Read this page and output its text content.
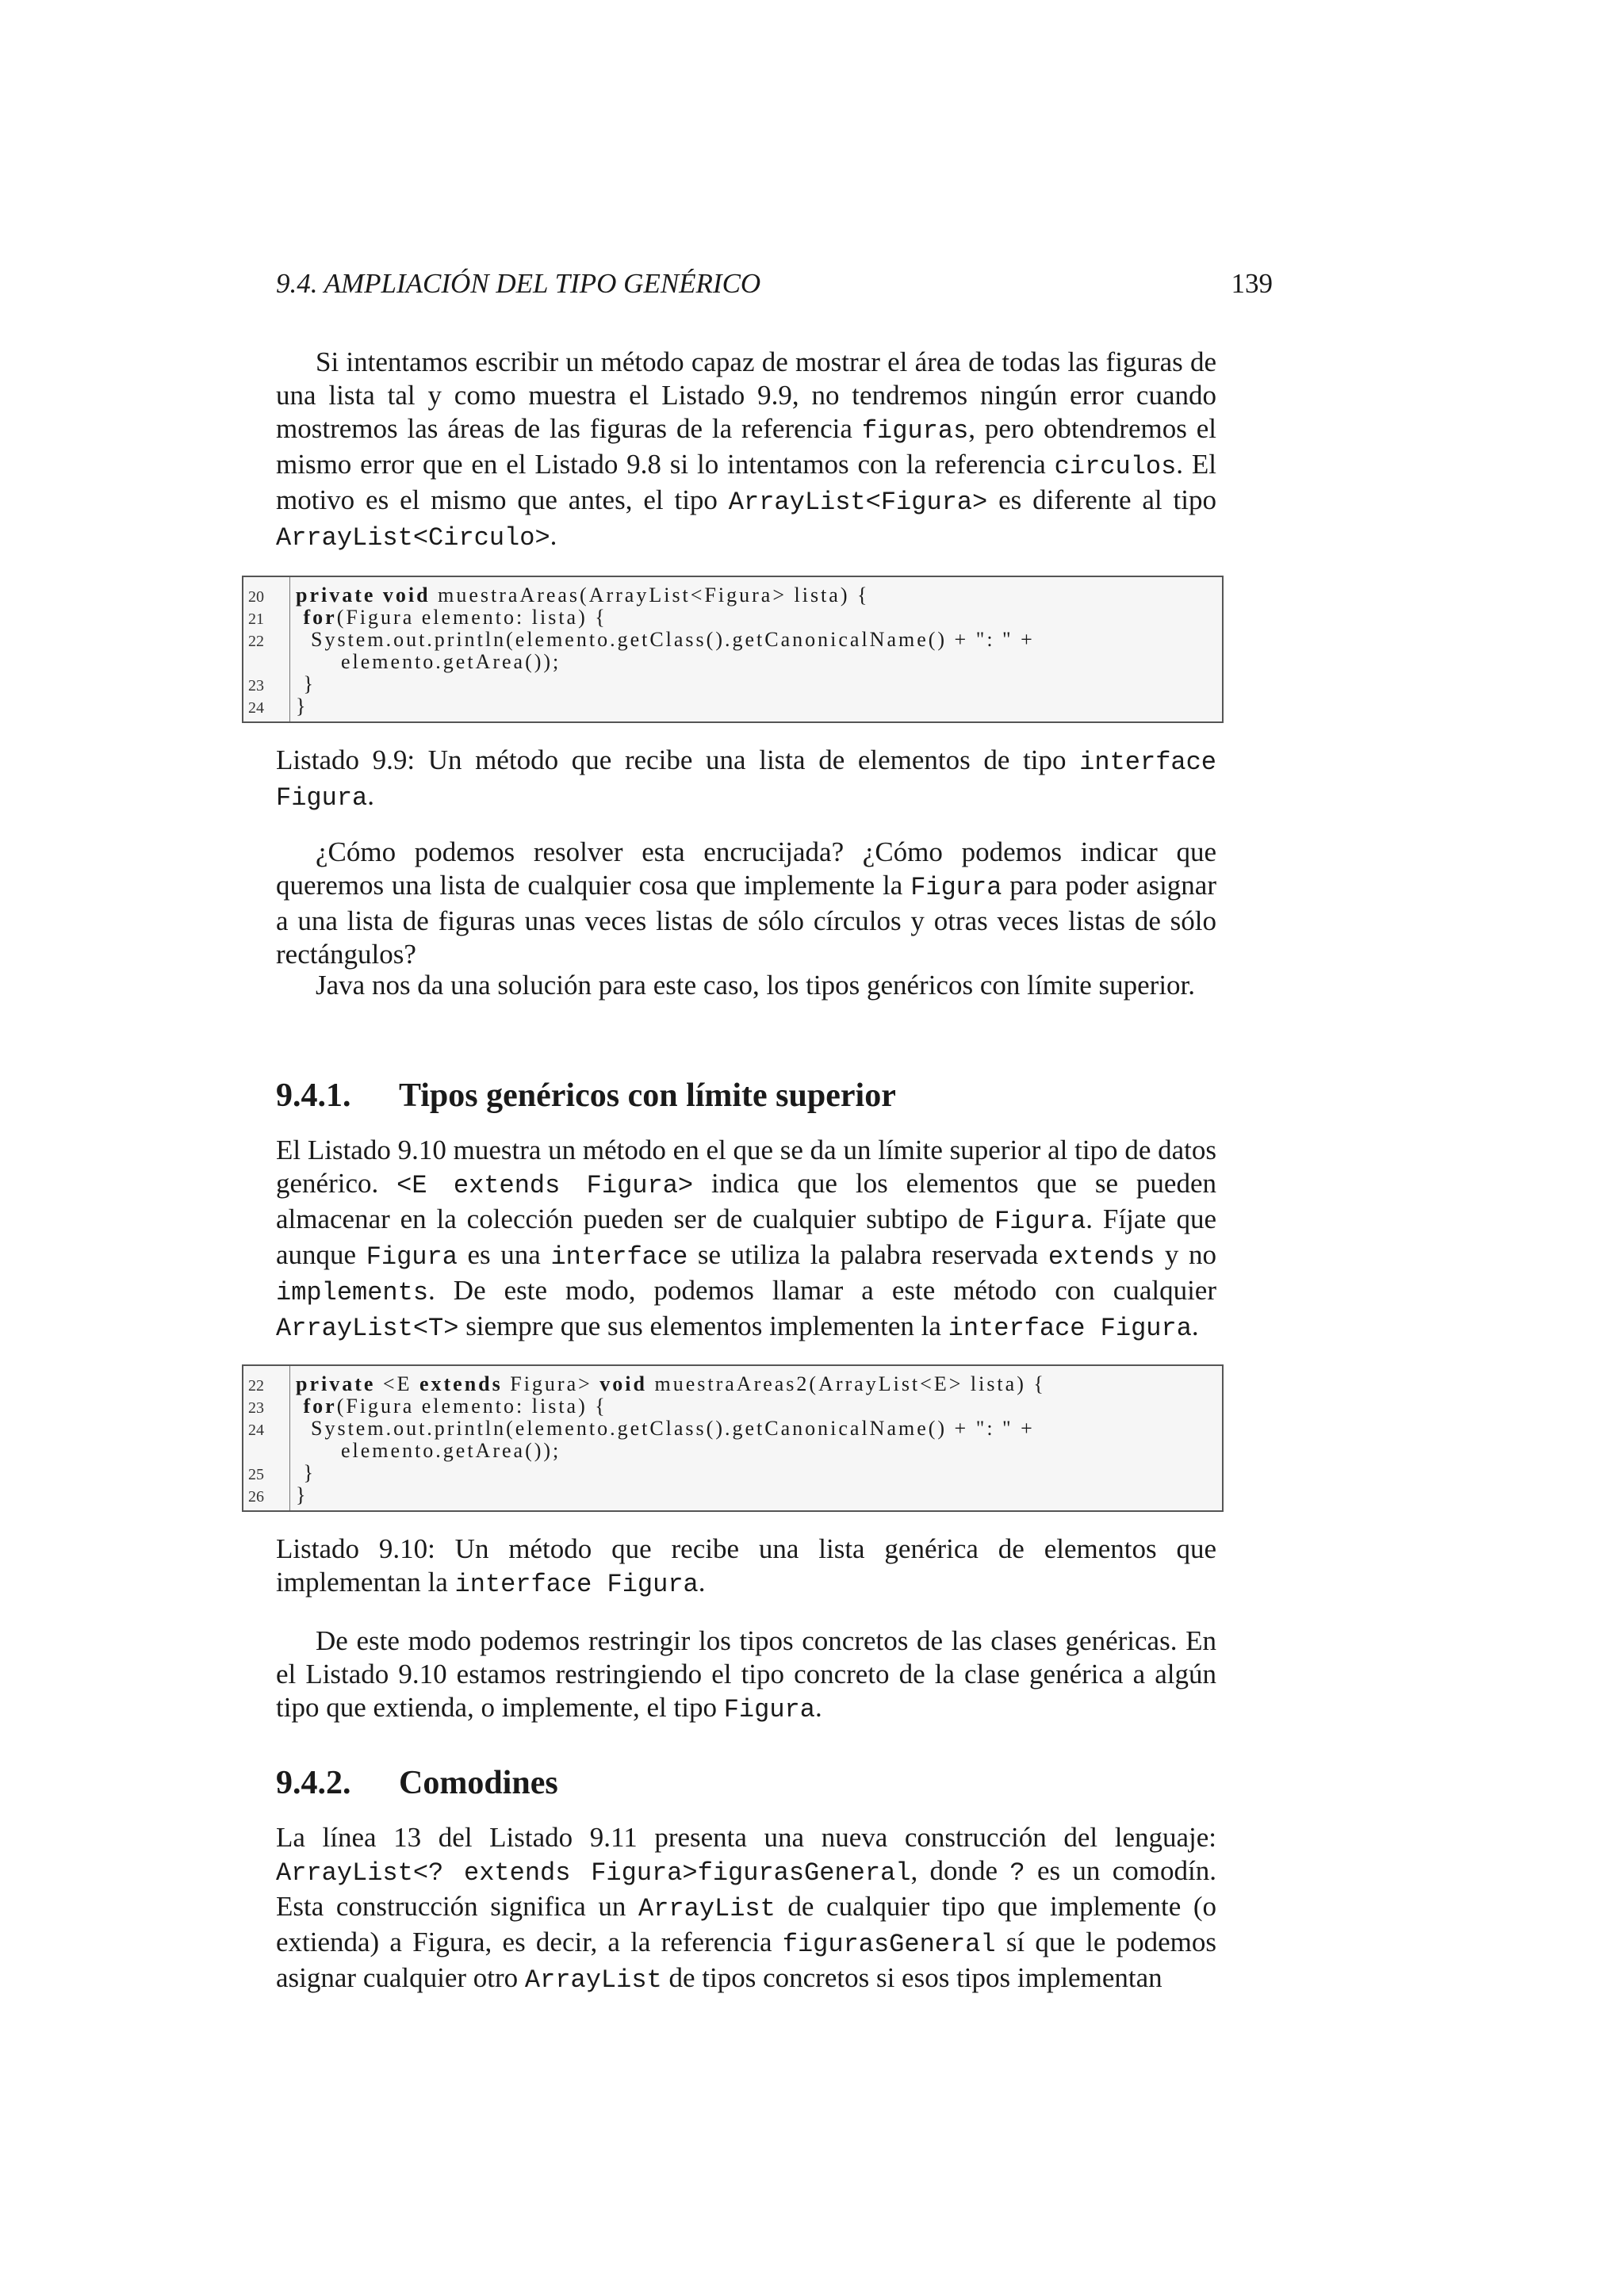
9.4. AMPLIACIÓN DEL TIPO GENÉRICO	139
Si intentamos escribir un método capaz de mostrar el área de todas las figuras de una lista tal y como muestra el Listado 9.9, no tendremos ningún error cuando mostremos las áreas de las figuras de la referencia figuras, pero obtendremos el mismo error que en el Listado 9.8 si lo intentamos con la referencia circulos. El motivo es el mismo que antes, el tipo ArrayList<Figura> es diferente al tipo ArrayList<Circulo>.
20	private void muestraAreas(ArrayList<Figura> lista) {
21	for(Figura elemento: lista) {
22	System.out.println(elemento.getClass().getCanonicalName() + ": " +
elemento.getArea());
23	}
24	}
Listado 9.9: Un método que recibe una lista de elementos de tipo interface Figura.
¿Cómo podemos resolver esta encrucijada? ¿Cómo podemos indicar que queremos una lista de cualquier cosa que implemente la Figura para poder asignar a una lista de figuras unas veces listas de sólo círculos y otras veces listas de sólo rectángulos?
Java nos da una solución para este caso, los tipos genéricos con límite superior.
9.4.1. Tipos genéricos con límite superior
El Listado 9.10 muestra un método en el que se da un límite superior al tipo de datos genérico. <E extends Figura> indica que los elementos que se pueden almacenar en la colección pueden ser de cualquier subtipo de Figura. Fíjate que aunque Figura es una interface se utiliza la palabra reservada extends y no implements. De este modo, podemos llamar a este método con cualquier ArrayList<T> siempre que sus elementos implementen la interface Figura.
22	private <E extends Figura> void muestraAreas2(ArrayList<E> lista) {
23	for(Figura elemento: lista) {
24	System.out.println(elemento.getClass().getCanonicalName() + ": " +
elemento.getArea());
25	}
26	}
Listado 9.10: Un método que recibe una lista genérica de elementos que implementan la interface Figura.
De este modo podemos restringir los tipos concretos de las clases genéricas. En el Listado 9.10 estamos restringiendo el tipo concreto de la clase genérica a algún tipo que extienda, o implemente, el tipo Figura.
9.4.2. Comodines
La línea 13 del Listado 9.11 presenta una nueva construcción del lenguaje: ArrayList<? extends Figura>figurasGeneral, donde ? es un comodín. Esta construcción significa un ArrayList de cualquier tipo que implemente (o extienda) a Figura, es decir, a la referencia figurasGeneral sí que le podemos asignar cualquier otro ArrayList de tipos concretos si esos tipos implementan
